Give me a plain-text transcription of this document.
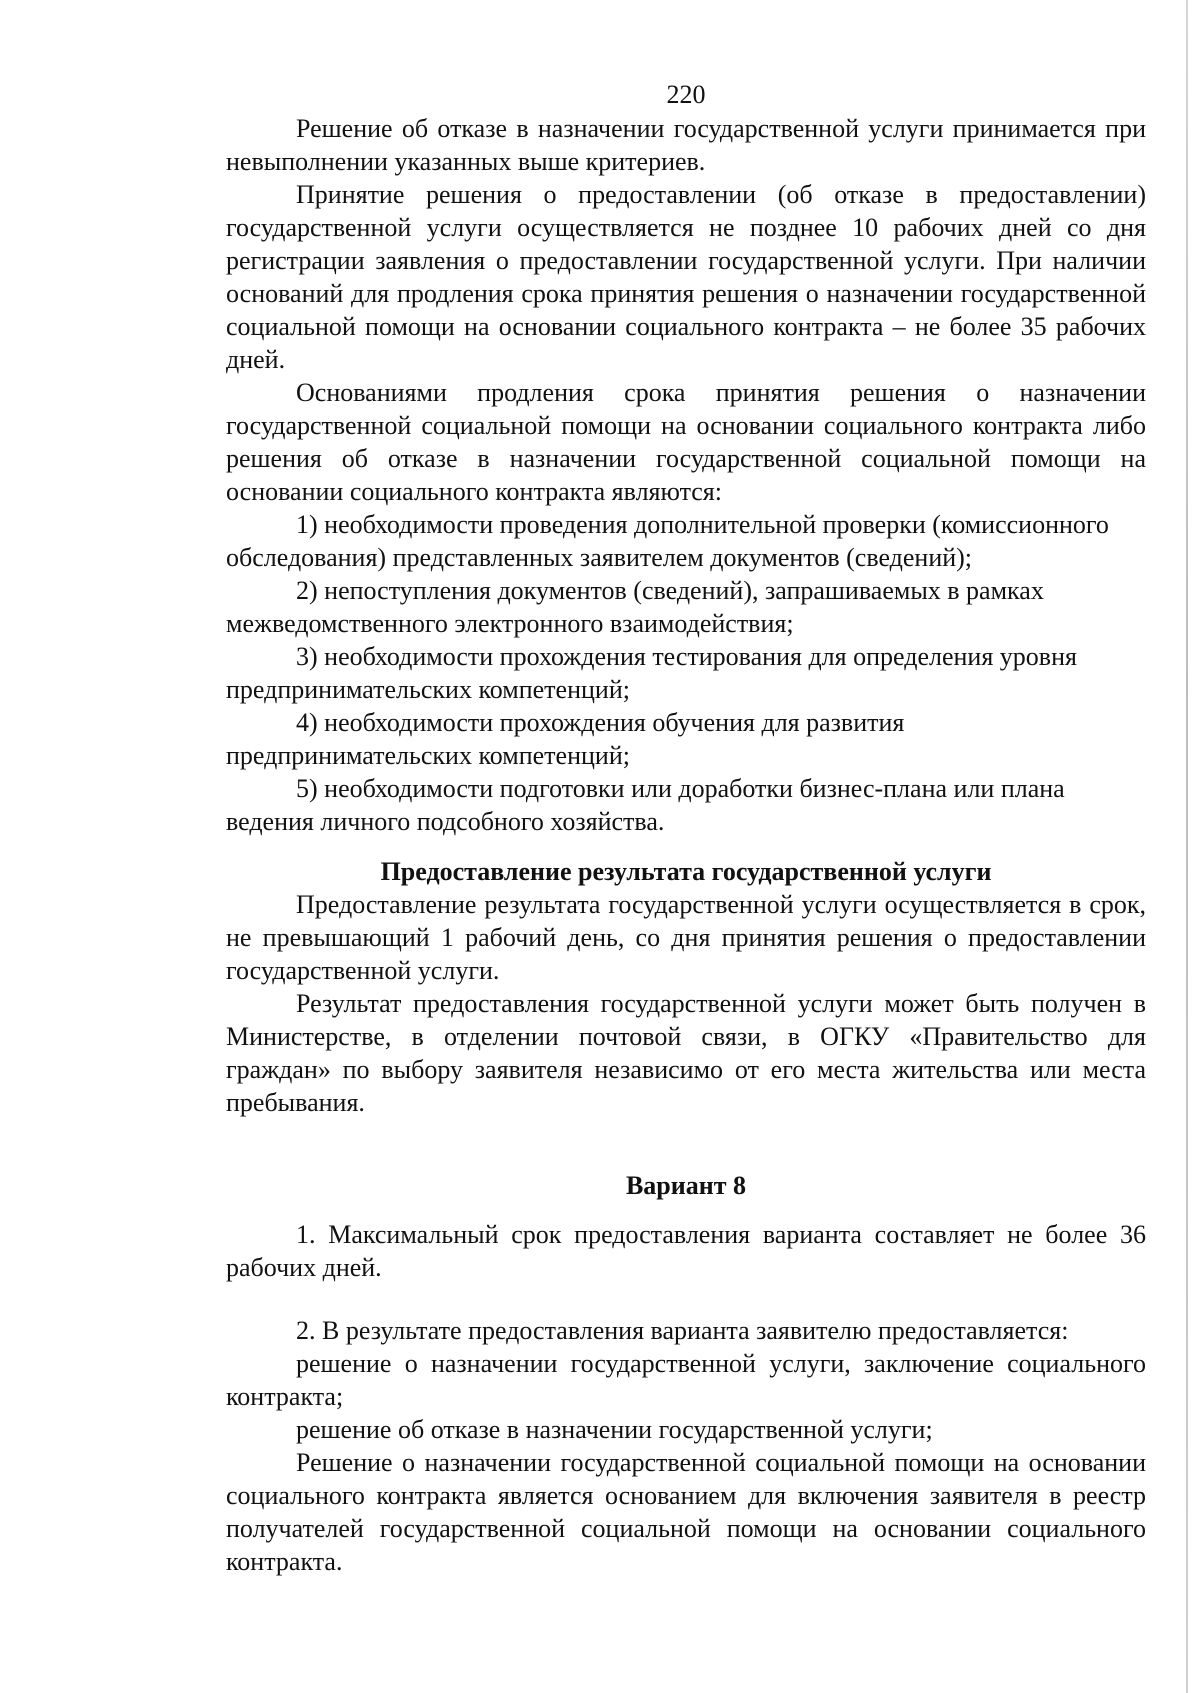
220

Решение об отказе в назначении государственной услуги принимается при невыполнении указанных выше критериев.

Принятие решения о предоставлении (об отказе в предоставлении) государственной услуги осуществляется не позднее 10 рабочих дней со дня регистрации заявления о предоставлении государственной услуги. При наличии оснований для продления срока принятия решения о назначении государственной социальной помощи на основании социального контракта – не более 35 рабочих дней.

Основаниями продления срока принятия решения о назначении государственной социальной помощи на основании социального контракта либо решения об отказе в назначении государственной социальной помощи на основании социального контракта являются:

1) необходимости проведения дополнительной проверки (комиссионного обследования) представленных заявителем документов (сведений);

2) непоступления документов (сведений), запрашиваемых в рамках межведомственного электронного взаимодействия;

3) необходимости прохождения тестирования для определения уровня предпринимательских компетенций;

4) необходимости прохождения обучения для развития предпринимательских компетенций;

5) необходимости подготовки или доработки бизнес-плана или плана ведения личного подсобного хозяйства.

Предоставление результата государственной услуги

Предоставление результата государственной услуги осуществляется в срок, не превышающий 1 рабочий день, со дня принятия решения о предоставлении государственной услуги.

Результат предоставления государственной услуги может быть получен в Министерстве, в отделении почтовой связи, в ОГКУ «Правительство для граждан» по выбору заявителя независимо от его места жительства или места пребывания.

Вариант 8

1. Максимальный срок предоставления варианта составляет не более 36 рабочих дней.

2. В результате предоставления варианта заявителю предоставляется:

решение о назначении государственной услуги, заключение социального контракта;

решение об отказе в назначении государственной услуги;

Решение о назначении государственной социальной помощи на основании социального контракта является основанием для включения заявителя в реестр получателей государственной социальной помощи на основании социального контракта.
